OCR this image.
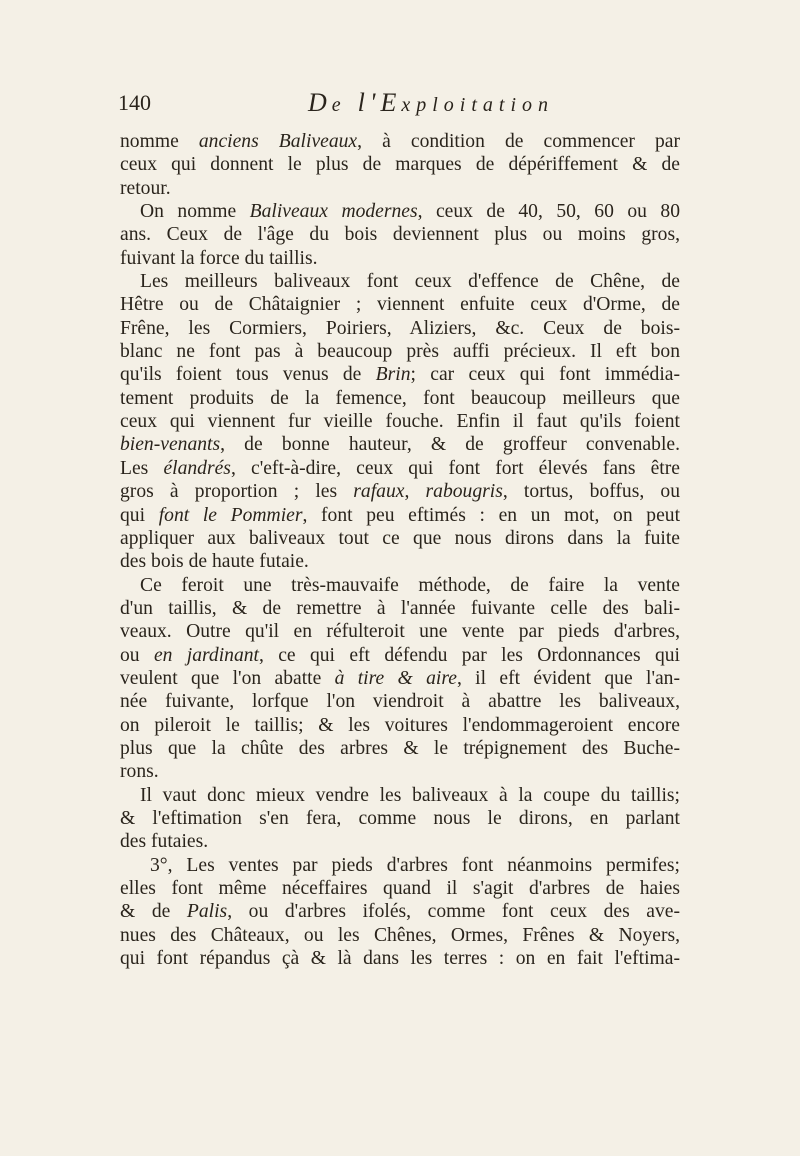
140	De l'Exploitation
nomme anciens Baliveaux, à condition de commencer par
ceux qui donnent le plus de marques de dépériffement & de
retour.
On nomme Baliveaux modernes, ceux de 40, 50, 60 ou 80
ans. Ceux de l'âge du bois deviennent plus ou moins gros,
fuivant la force du taillis.
Les meilleurs baliveaux font ceux d'effence de Chêne, de
Hêtre ou de Châtaignier ; viennent enfuite ceux d'Orme, de
Frêne, les Cormiers, Poiriers, Aliziers, &c. Ceux de bois-
blanc ne font pas à beaucoup près auffi précieux. Il eft bon
qu'ils foient tous venus de Brin; car ceux qui font immédia-
tement produits de la femence, font beaucoup meilleurs que
ceux qui viennent fur vieille fouche. Enfin il faut qu'ils foient
bien-venants, de bonne hauteur, & de groffeur convenable.
Les élandrés, c'eft-à-dire, ceux qui font fort élevés fans être
gros à proportion ; les rafaux, rabougris, tortus, boffus, ou
qui font le Pommier, font peu eftimés : en un mot, on peut
appliquer aux baliveaux tout ce que nous dirons dans la fuite
des bois de haute futaie.
Ce feroit une très-mauvaife méthode, de faire la vente
d'un taillis, & de remettre à l'année fuivante celle des bali-
veaux. Outre qu'il en réfulteroit une vente par pieds d'arbres,
ou en jardinant, ce qui eft défendu par les Ordonnances qui
veulent que l'on abatte à tire & aire, il eft évident que l'an-
née fuivante, lorfque l'on viendroit à abattre les baliveaux,
on pileroit le taillis; & les voitures l'endommageroient encore
plus que la chûte des arbres & le trépignement des Buche-
rons.
Il vaut donc mieux vendre les baliveaux à la coupe du taillis;
& l'eftimation s'en fera, comme nous le dirons, en parlant
des futaies.
3°, Les ventes par pieds d'arbres font néanmoins permifes;
elles font même néceffaires quand il s'agit d'arbres de haies
& de Palis, ou d'arbres ifolés, comme font ceux des ave-
nues des Châteaux, ou les Chênes, Ormes, Frênes & Noyers,
qui font répandus çà & là dans les terres : on en fait l'eftima-
